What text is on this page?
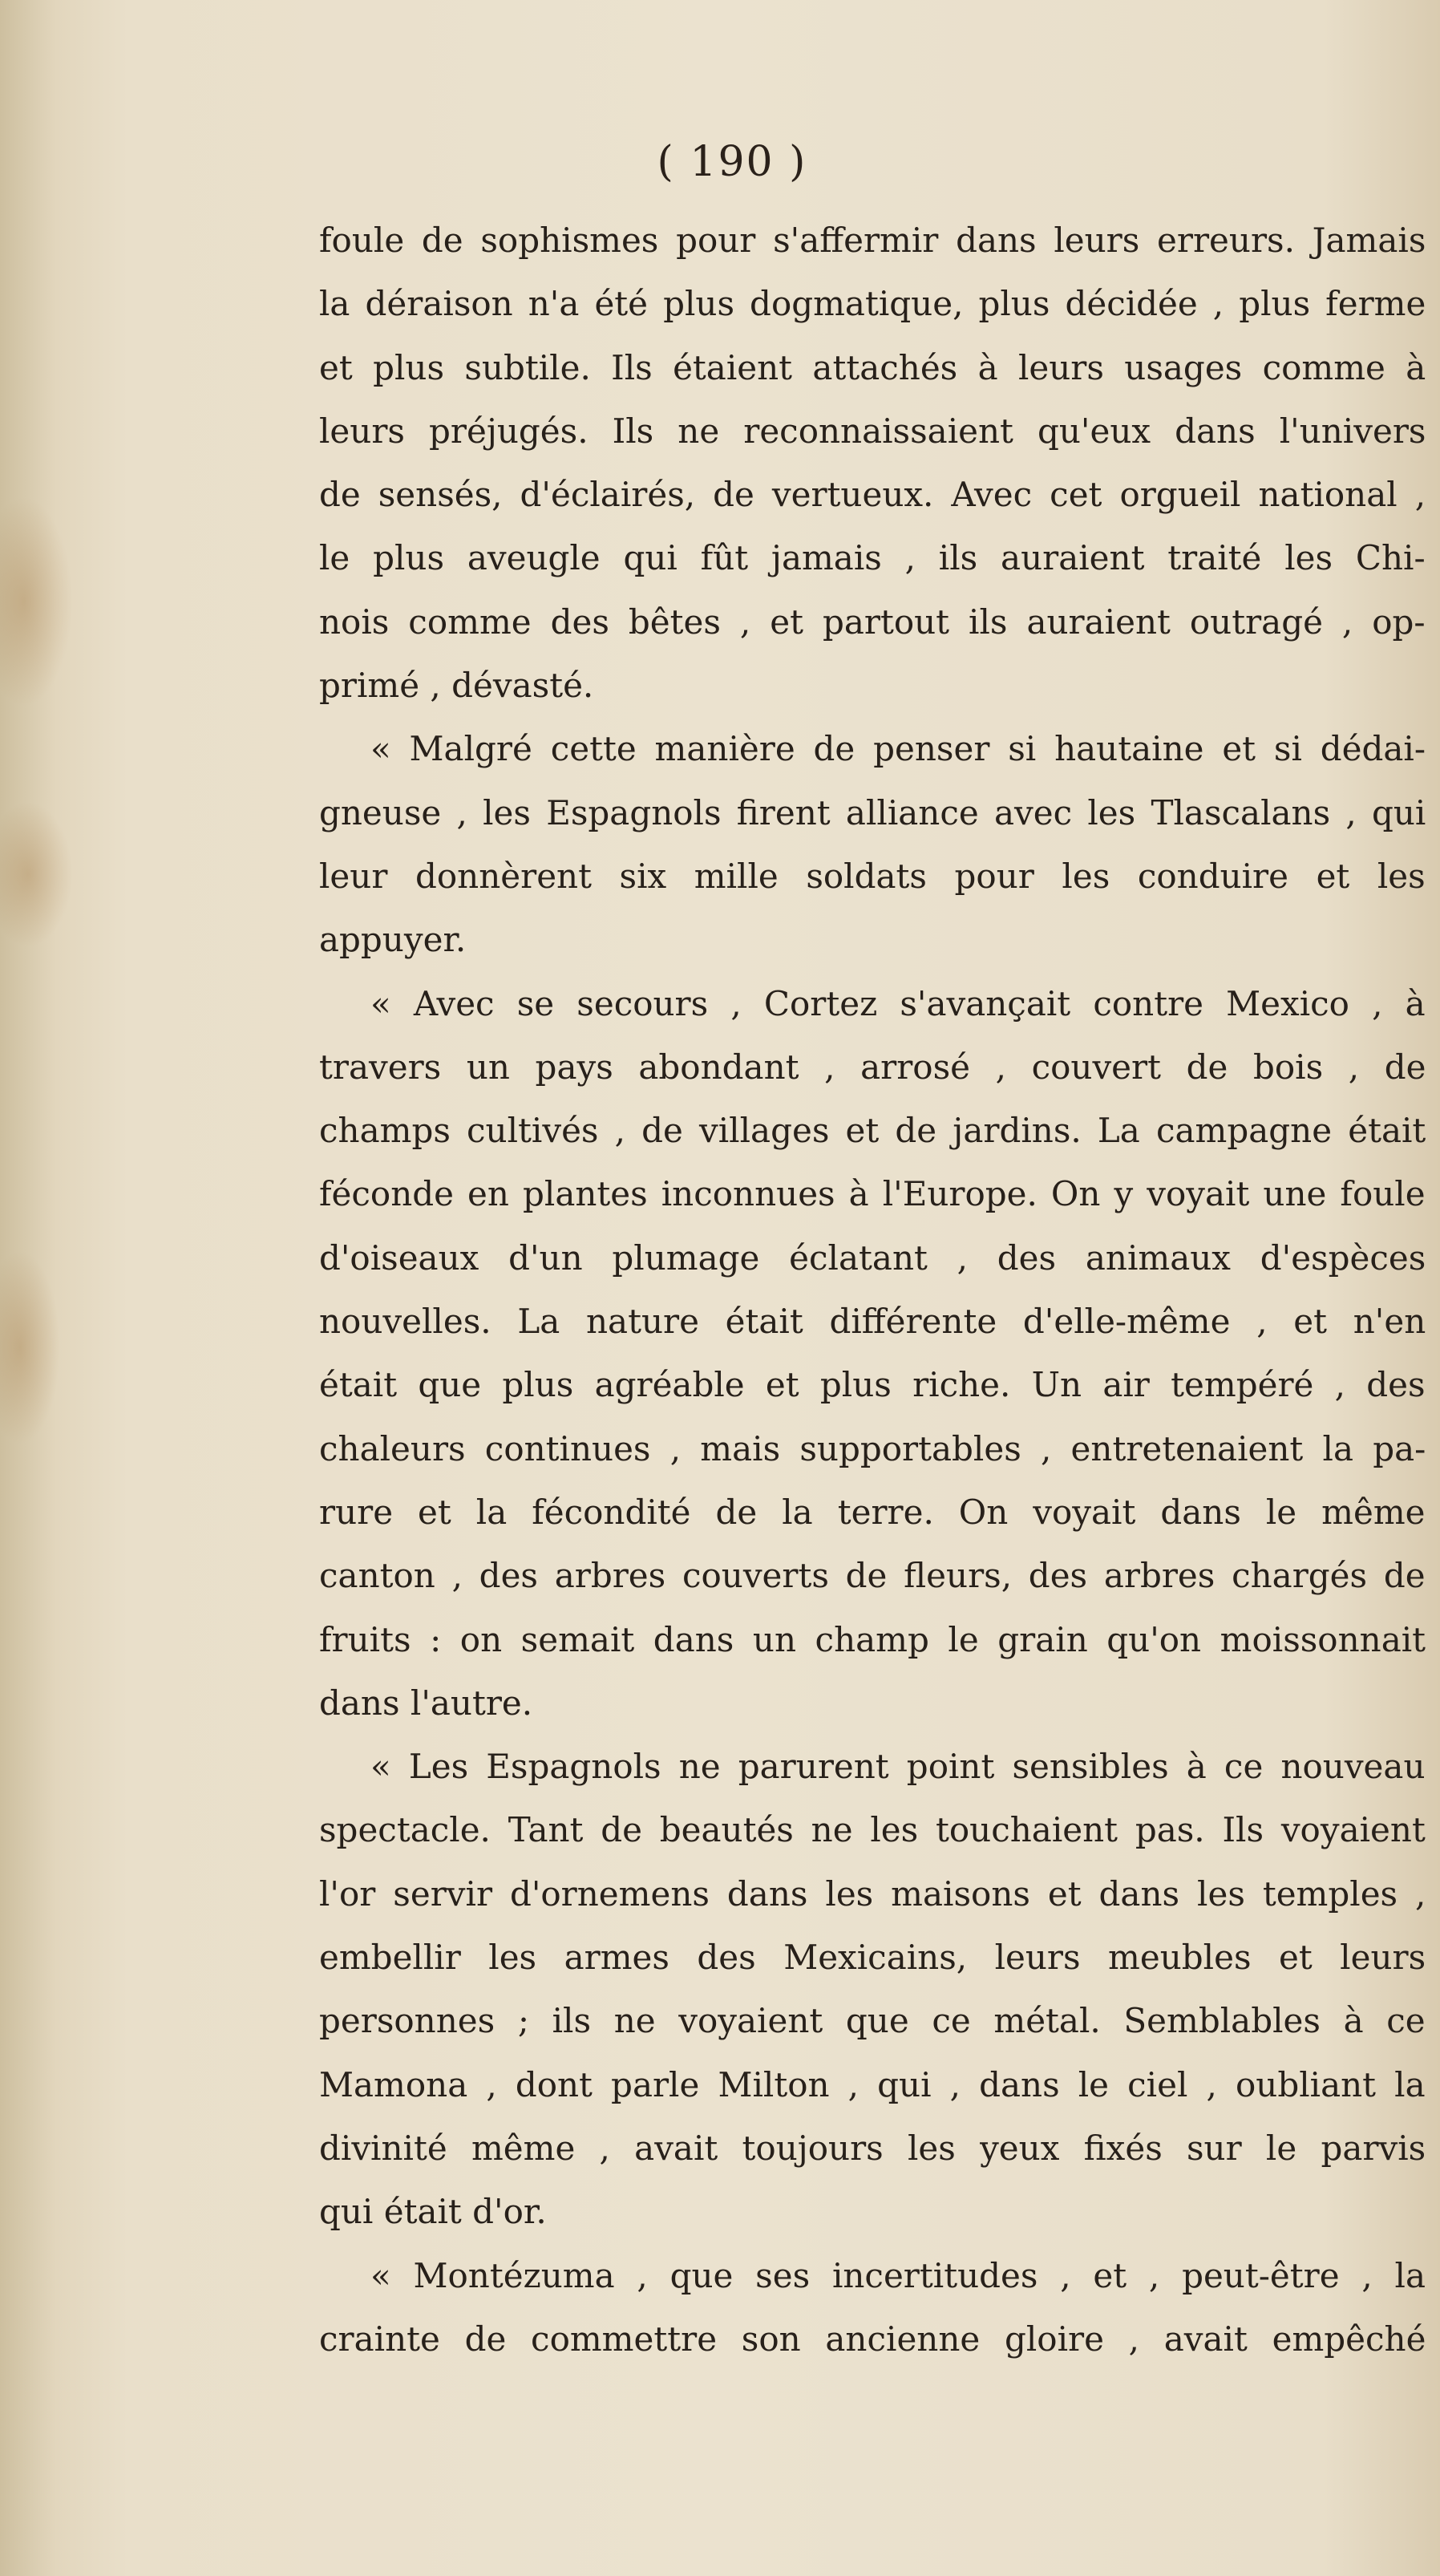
( 190 )
foule de sophismes pour s'affermir dans leurs erreurs. Jamais
la déraison n'a été plus dogmatique, plus décidée , plus ferme
et plus subtile. Ils étaient attachés à leurs usages comme à
leurs préjugés. Ils ne reconnaissaient qu'eux dans l'univers
de sensés, d'éclairés, de vertueux. Avec cet orgueil national ,
le plus aveugle qui fût jamais , ils auraient traité les Chi-
nois comme des bêtes , et partout ils auraient outragé , op-
primé , dévasté.
« Malgré cette manière de penser si hautaine et si dédai-
gneuse , les Espagnols firent alliance avec les Tlascalans , qui
leur donnèrent six mille soldats pour les conduire et les
appuyer.
« Avec se secours , Cortez s'avançait contre Mexico , à
travers un pays abondant , arrosé , couvert de bois , de
champs cultivés , de villages et de jardins. La campagne était
féconde en plantes inconnues à l'Europe. On y voyait une foule
d'oiseaux d'un plumage éclatant , des animaux d'espèces
nouvelles. La nature était différente d'elle-même , et n'en
était que plus agréable et plus riche. Un air tempéré , des
chaleurs continues , mais supportables , entretenaient la pa-
rure et la fécondité de la terre. On voyait dans le même
canton , des arbres couverts de fleurs, des arbres chargés de
fruits : on semait dans un champ le grain qu'on moissonnait
dans l'autre.
« Les Espagnols ne parurent point sensibles à ce nouveau
spectacle. Tant de beautés ne les touchaient pas. Ils voyaient
l'or servir d'ornemens dans les maisons et dans les temples ,
embellir les armes des Mexicains, leurs meubles et leurs
personnes ; ils ne voyaient que ce métal. Semblables à ce
Mamona , dont parle Milton , qui , dans le ciel , oubliant la
divinité même , avait toujours les yeux fixés sur le parvis
qui était d'or.
« Montézuma , que ses incertitudes , et , peut-être , la
crainte de commettre son ancienne gloire , avait empêché
